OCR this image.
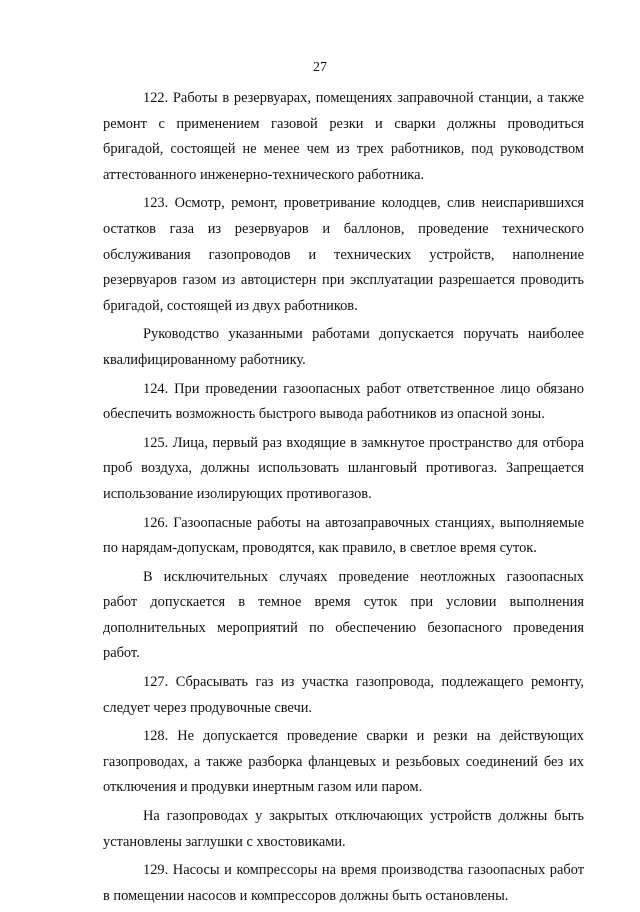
27

122. Работы в резервуарах, помещениях заправочной станции, а также ремонт с применением газовой резки и сварки должны проводиться бригадой, состоящей не менее чем из трех работников, под руководством аттестованного инженерно-технического работника.

123. Осмотр, ремонт, проветривание колодцев, слив неиспарившихся остатков газа из резервуаров и баллонов, проведение технического обслуживания газопроводов и технических устройств, наполнение резервуаров газом из автоцистерн при эксплуатации разрешается проводить бригадой, состоящей из двух работников.

Руководство указанными работами допускается поручать наиболее квалифицированному работнику.

124. При проведении газоопасных работ ответственное лицо обязано обеспечить возможность быстрого вывода работников из опасной зоны.

125. Лица, первый раз входящие в замкнутое пространство для отбора проб воздуха, должны использовать шланговый противогаз. Запрещается использование изолирующих противогазов.

126. Газоопасные работы на автозаправочных станциях, выполняемые по нарядам-допускам, проводятся, как правило, в светлое время суток.

В исключительных случаях проведение неотложных газоопасных работ допускается в темное время суток при условии выполнения дополнительных мероприятий по обеспечению безопасного проведения работ.

127. Сбрасывать газ из участка газопровода, подлежащего ремонту, следует через продувочные свечи.

128. Не допускается проведение сварки и резки на действующих газопроводах, а также разборка фланцевых и резьбовых соединений без их отключения и продувки инертным газом или паром.

На газопроводах у закрытых отключающих устройств должны быть установлены заглушки с хвостовиками.

129. Насосы и компрессоры на время производства газоопасных работ в помещении насосов и компрессоров должны быть остановлены.
